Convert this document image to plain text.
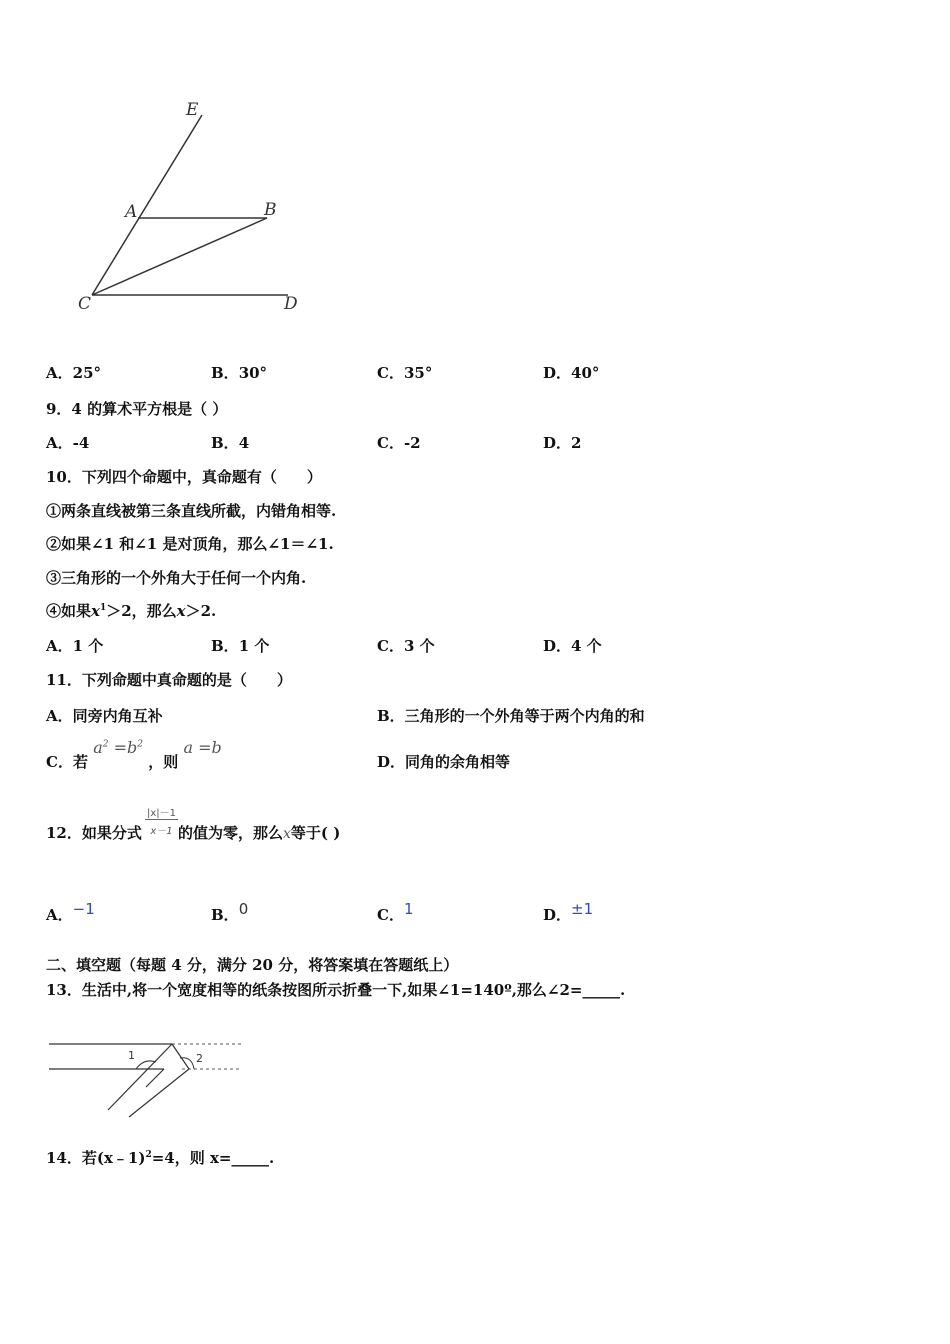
E
A	B
C	D
A．25°	B．30°	C．35°	D．40°
9．4 的算术平方根是（ ）
A．-4	B．4	C．-2	D．2
10．下列四个命题中，真命题有（　　）
①两条直线被第三条直线所截，内错角相等.
②如果∠1 和∠1 是对顶角，那么∠1＝∠1.
③三角形的一个外角大于任何一个内角.
④如果$x^1>2$，那么x＞2.
A．1 个	B．1 个	C．3 个	D．4 个
11．下列命题中真命题的是（　　）
A．同旁内角互补	B．三角形的一个外角等于两个内角的和
C．若 $a^2 =b^2$ ，则 a =b
D．同角的余角相等
12．如果分式 $\frac{|x|-1}{x-1}$ 的值为零，那么x等于( )
A．−1	B．0	C．1	D．±1
二、填空题（每题 4 分，满分 20 分，将答案填在答题纸上）
13．生活中,将一个宽度相等的纸条按图所示折叠一下,如果∠1=140º,那么∠2=_____.
1	2
14．若(x﹣1)$^2$=4，则 x=_____.
